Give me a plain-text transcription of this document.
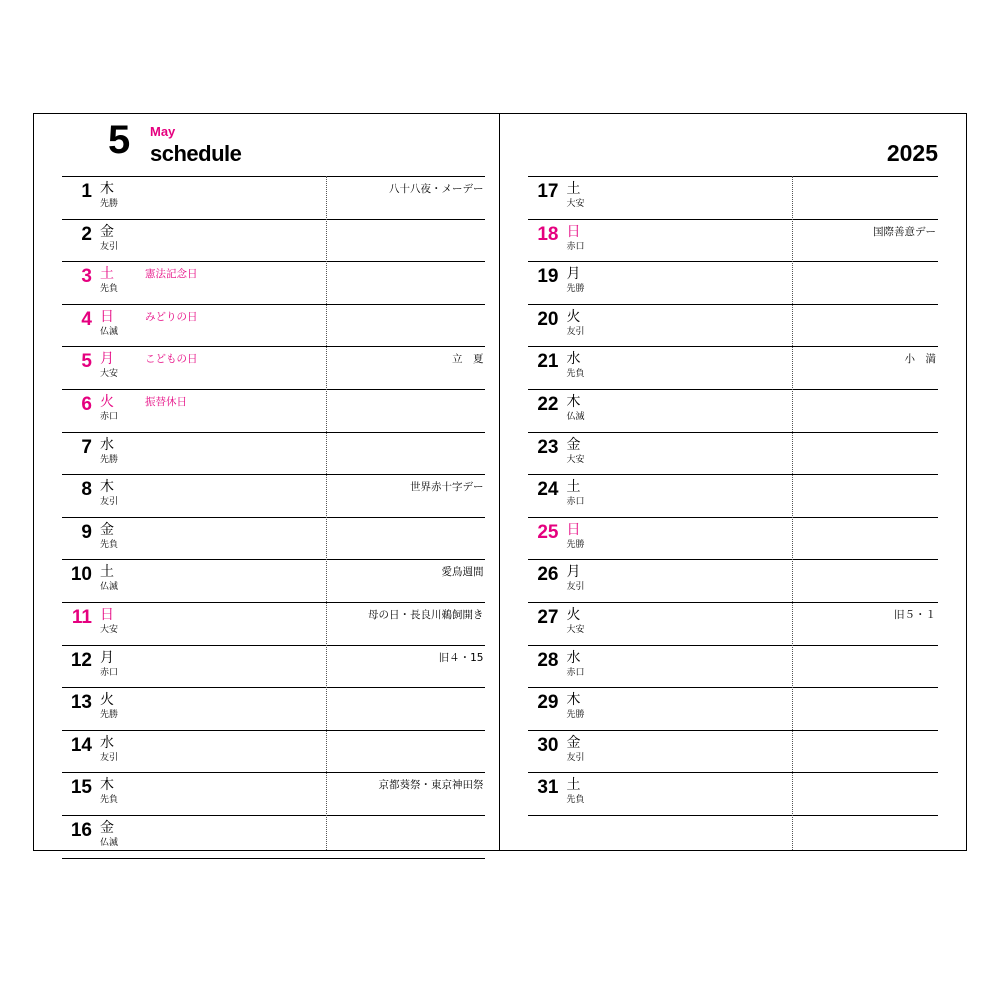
5 May
schedule
1 木
先勝
八十八夜・メーデー
2 金
友引
3 土
先負
憲法記念日
4 日
仏滅
みどりの日
5 月
大安
こどもの日	立　夏
6 火
赤口
振替休日
7 水
先勝
8 木
友引
世界赤十字デー
9 金
先負
10 土
仏滅
愛鳥週間
11 日
大安
母の日・長良川鵜飼開き
12 月
赤口
旧４・15
13 火
先勝
14 水
友引
15 木
先負
京都葵祭・東京神田祭
16 金
仏滅
2025
17 土
大安
18 日
赤口
国際善意デー
19 月
先勝
20 火
友引
21 水
先負
小　満
22 木
仏滅
23 金
大安
24 土
赤口
25 日
先勝
26 月
友引
27 火
大安
旧５・１
28 水
赤口
29 木
先勝
30 金
友引
31 土
先負
